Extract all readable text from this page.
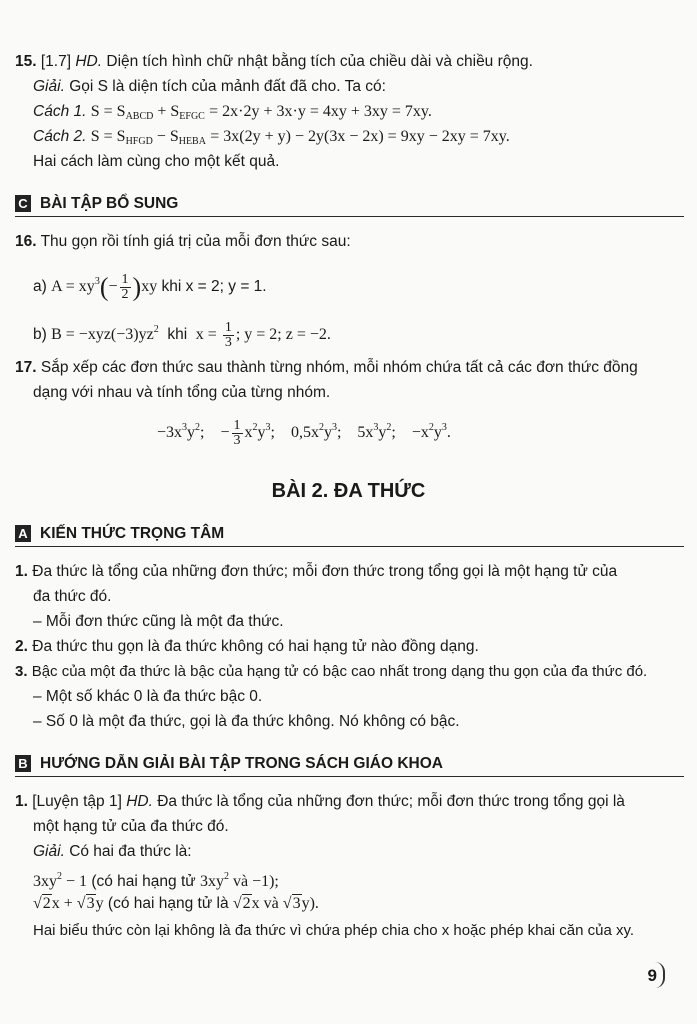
15. [1.7] HD. Diện tích hình chữ nhật bằng tích của chiều dài và chiều rộng.
Giải. Gọi S là diện tích của mảnh đất đã cho. Ta có:
Cách 1. $S = S_{ABCD} + S_{EFGC} = 2x\cdot 2y + 3x\cdot y = 4xy + 3xy = 7xy$.
Cách 2. $S = S_{HFGD} - S_{HEBA} = 3x(2y + y) - 2y(3x - 2x) = 9xy - 2xy = 7xy$.
Hai cách làm cùng cho một kết quả.
C BÀI TẬP BỔ SUNG
16. Thu gọn rồi tính giá trị của mỗi đơn thức sau:
a) $A = xy^3(- \frac{1}{2} )xy$ khi x = 2; y = 1.
b) $B = -xyz(-3)yz^2$  khi  $x = \frac{1}{3}$ ; y = 2; z = −2.
17. Sắp xếp các đơn thức sau thành từng nhóm, mỗi nhóm chứa tất cả các đơn thức đồng
dạng với nhau và tính tổng của từng nhóm.
$-3x^3y^2$;    − $\frac{1}{3} x^2y^3$;    $0,5x^2y^3$;    $5x^3y^2$;    $-x^2y^3$.
BÀI 2. ĐA THỨC
A KIẾN THỨC TRỌNG TÂM
1. Đa thức là tổng của những đơn thức; mỗi đơn thức trong tổng gọi là một hạng tử của
đa thức đó.
– Mỗi đơn thức cũng là một đa thức.
2. Đa thức thu gọn là đa thức không có hai hạng tử nào đồng dạng.
3. Bậc của một đa thức là bậc của hạng tử có bậc cao nhất trong dạng thu gọn của đa thức đó.
– Một số khác 0 là đa thức bậc 0.
– Số 0 là một đa thức, gọi là đa thức không. Nó không có bậc.
B HƯỚNG DẪN GIẢI BÀI TẬP TRONG SÁCH GIÁO KHOA
1. [Luyện tập 1] HD. Đa thức là tổng của những đơn thức; mỗi đơn thức trong tổng gọi là
một hạng tử của đa thức đó.
Giải. Có hai đa thức là:
$3xy^2 - 1$ (có hai hạng tử $3xy^2$ và −1);
√2x + √3y (có hai hạng tử là √2x và √3y).
Hai biểu thức còn lại không là đa thức vì chứa phép chia cho x hoặc phép khai căn của xy.
9
